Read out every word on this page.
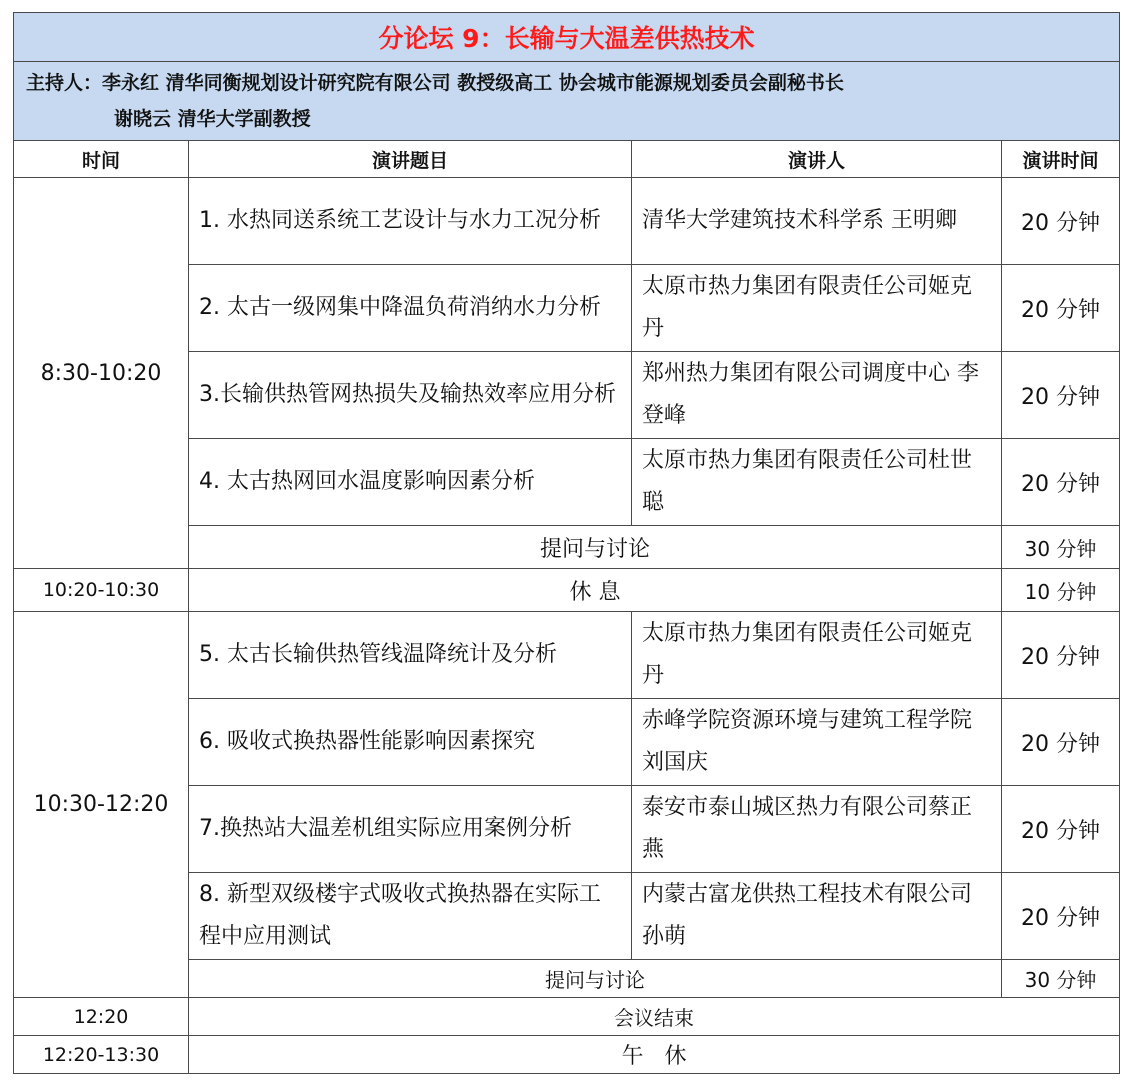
分论坛 9：长输与大温差供热技术			

主持人：李永红 清华同衡规划设计研究院有限公司 教授级高工 协会城市能源规划委员会副秘书长
谢晓云 清华大学副教授			

时间	演讲题目	演讲人	演讲时间
8:30-10:20	1. 水热同送系统工艺设计与水力工况分析	清华大学建筑技术科学系 王明卿	20 分钟
	2. 太古一级网集中降温负荷消纳水力分析	太原市热力集团有限责任公司姬克丹	20 分钟
	3.长输供热管网热损失及输热效率应用分析	郑州热力集团有限公司调度中心 李登峰	20 分钟
	4. 太古热网回水温度影响因素分析	太原市热力集团有限责任公司杜世聪	20 分钟
	提问与讨论		30 分钟
10:20-10:30	休 息		10 分钟
10:30-12:20	5. 太古长输供热管线温降统计及分析	太原市热力集团有限责任公司姬克丹	20 分钟
	6. 吸收式换热器性能影响因素探究	赤峰学院资源环境与建筑工程学院 刘国庆	20 分钟
	7.换热站大温差机组实际应用案例分析	泰安市泰山城区热力有限公司蔡正燕	20 分钟
	8. 新型双级楼宇式吸收式换热器在实际工程中应用测试	内蒙古富龙供热工程技术有限公司 孙萌	20 分钟
	提问与讨论		30 分钟
12:20	会议结束		
12:20-13:30	午   休		
